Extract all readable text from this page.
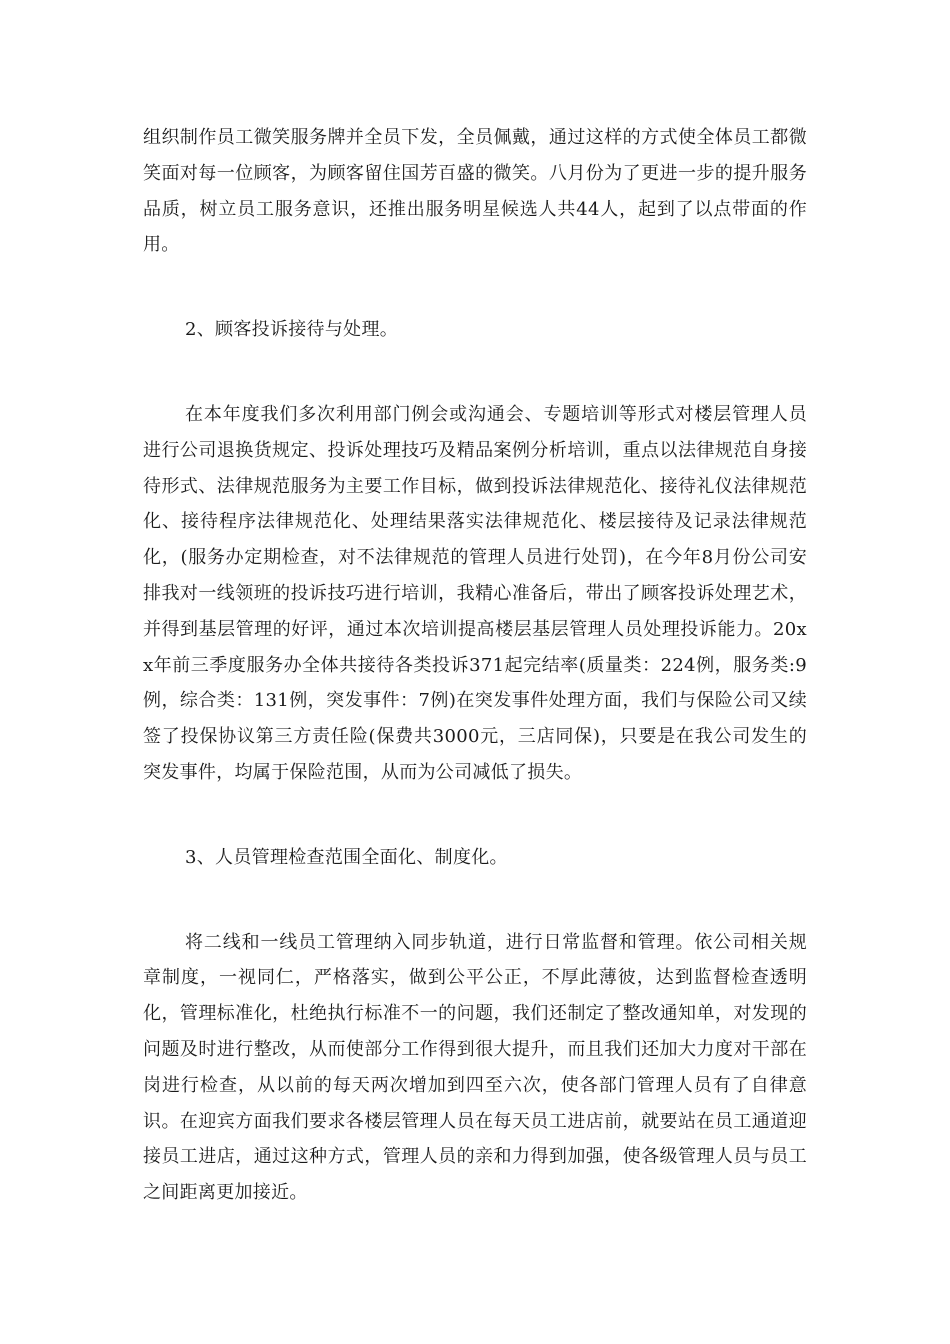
组织制作员工微笑服务牌并全员下发，全员佩戴，通过这样的方式使全体员工都微笑面对每一位顾客，为顾客留住国芳百盛的微笑。八月份为了更进一步的提升服务品质，树立员工服务意识，还推出服务明星候选人共44人，起到了以点带面的作用。

2、顾客投诉接待与处理。

在本年度我们多次利用部门例会或沟通会、专题培训等形式对楼层管理人员进行公司退换货规定、投诉处理技巧及精品案例分析培训，重点以法律规范自身接待形式、法律规范服务为主要工作目标，做到投诉法律规范化、接待礼仪法律规范化、接待程序法律规范化、处理结果落实法律规范化、楼层接待及记录法律规范化，(服务办定期检查，对不法律规范的管理人员进行处罚)，在今年8月份公司安排我对一线领班的投诉技巧进行培训，我精心准备后，带出了顾客投诉处理艺术，并得到基层管理的好评，通过本次培训提高楼层基层管理人员处理投诉能力。20xx年前三季度服务办全体共接待各类投诉371起完结率(质量类：224例，服务类:9例，综合类：131例，突发事件：7例)在突发事件处理方面，我们与保险公司又续签了投保协议第三方责任险(保费共3000元，三店同保)，只要是在我公司发生的突发事件，均属于保险范围，从而为公司减低了损失。

3、人员管理检查范围全面化、制度化。

将二线和一线员工管理纳入同步轨道，进行日常监督和管理。依公司相关规章制度，一视同仁，严格落实，做到公平公正，不厚此薄彼，达到监督检查透明化，管理标准化，杜绝执行标准不一的问题，我们还制定了整改通知单，对发现的问题及时进行整改，从而使部分工作得到很大提升，而且我们还加大力度对干部在岗进行检查，从以前的每天两次增加到四至六次，使各部门管理人员有了自律意识。在迎宾方面我们要求各楼层管理人员在每天员工进店前，就要站在员工通道迎接员工进店，通过这种方式，管理人员的亲和力得到加强，使各级管理人员与员工之间距离更加接近。
